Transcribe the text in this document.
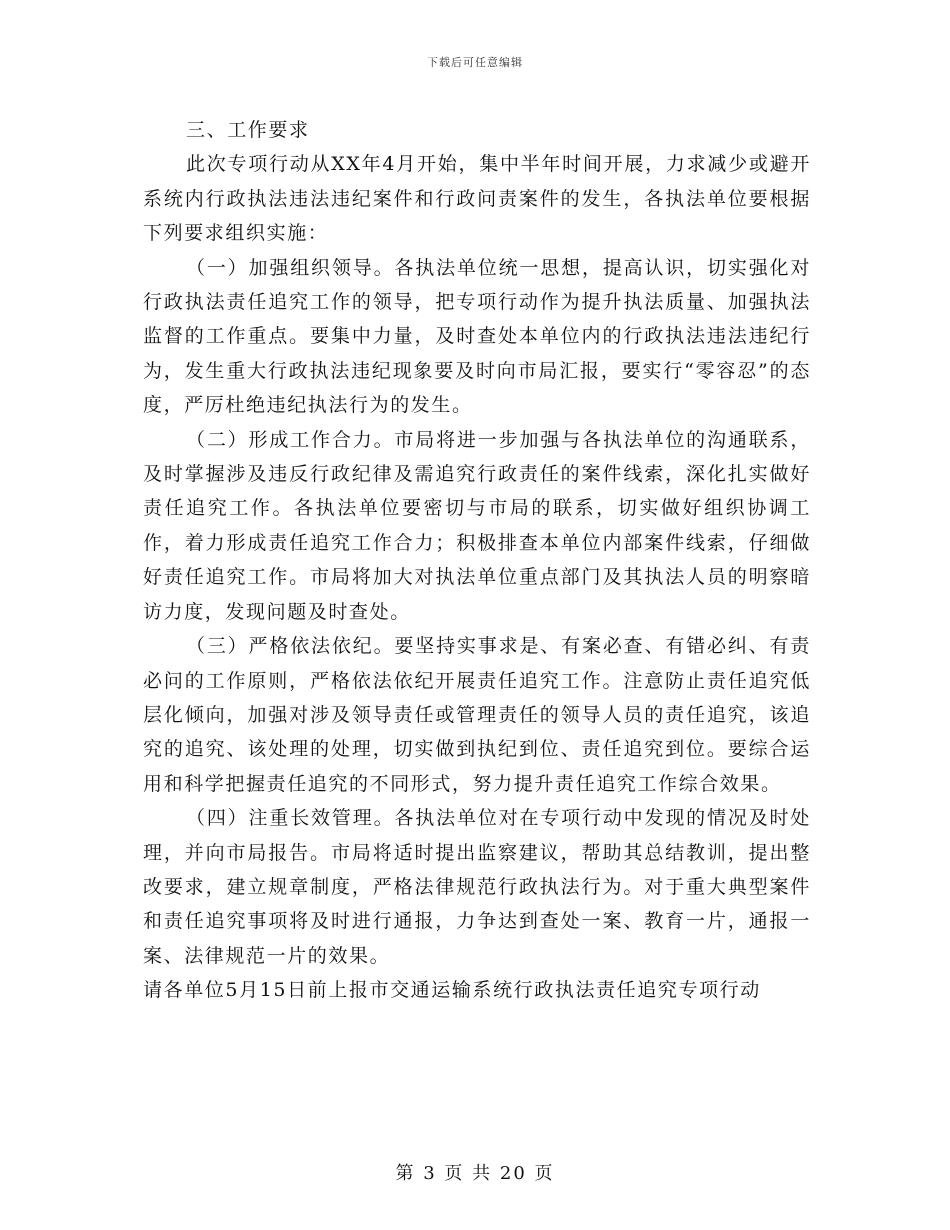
下载后可任意编辑

三、工作要求

此次专项行动从XX年4月开始，集中半年时间开展，力求减少或避开系统内行政执法违法违纪案件和行政问责案件的发生，各执法单位要根据下列要求组织实施：

（一）加强组织领导。各执法单位统一思想，提高认识，切实强化对行政执法责任追究工作的领导，把专项行动作为提升执法质量、加强执法监督的工作重点。要集中力量，及时查处本单位内的行政执法违法违纪行为，发生重大行政执法违纪现象要及时向市局汇报，要实行“零容忍”的态度，严厉杜绝违纪执法行为的发生。

（二）形成工作合力。市局将进一步加强与各执法单位的沟通联系，及时掌握涉及违反行政纪律及需追究行政责任的案件线索，深化扎实做好责任追究工作。各执法单位要密切与市局的联系，切实做好组织协调工作，着力形成责任追究工作合力；积极排查本单位内部案件线索，仔细做好责任追究工作。市局将加大对执法单位重点部门及其执法人员的明察暗访力度，发现问题及时查处。

（三）严格依法依纪。要坚持实事求是、有案必查、有错必纠、有责必问的工作原则，严格依法依纪开展责任追究工作。注意防止责任追究低层化倾向，加强对涉及领导责任或管理责任的领导人员的责任追究，该追究的追究、该处理的处理，切实做到执纪到位、责任追究到位。要综合运用和科学把握责任追究的不同形式，努力提升责任追究工作综合效果。

（四）注重长效管理。各执法单位对在专项行动中发现的情况及时处理，并向市局报告。市局将适时提出监察建议，帮助其总结教训，提出整改要求，建立规章制度，严格法律规范行政执法行为。对于重大典型案件和责任追究事项将及时进行通报，力争达到查处一案、教育一片，通报一案、法律规范一片的效果。

请各单位5月15日前上报市交通运输系统行政执法责任追究专项行动

第 3 页 共 20 页
